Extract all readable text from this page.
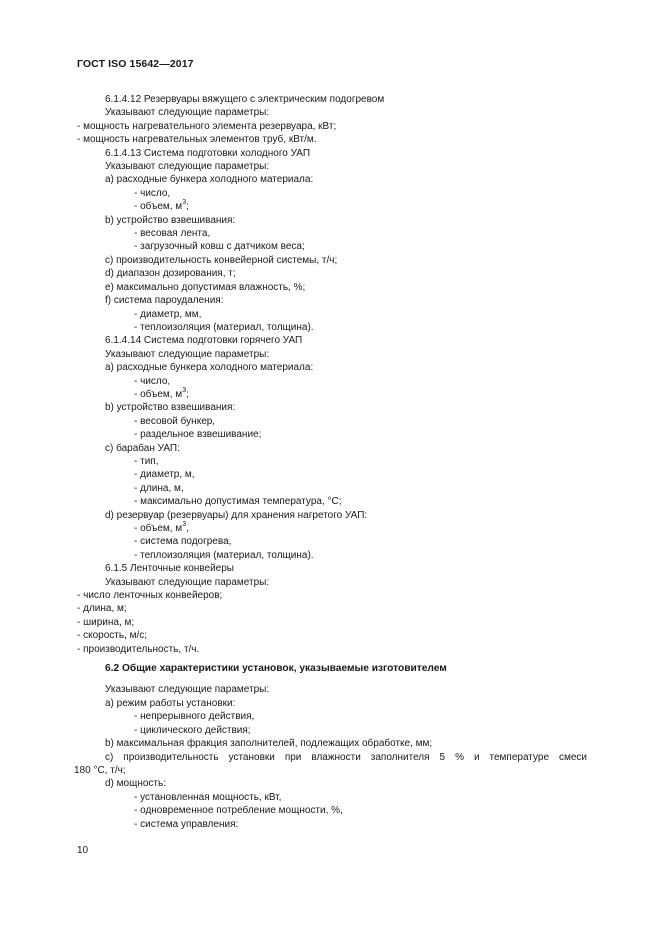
ГОСТ ISO 15642—2017
6.1.4.12 Резервуары вяжущего с электрическим подогревом
Указывают следующие параметры:
- мощность нагревательного элемента резервуара, кВт;
- мощность нагревательных элементов труб, кВт/м.
6.1.4.13 Система подготовки холодного УАП
Указывают следующие параметры:
а) расходные бункера холодного материала:
- число,
- объем, $м^3$;
b) устройство взвешивания:
- весовая лента,
- загрузочный ковш с датчиком веса;
с) производительность конвейерной системы, т/ч;
d) диапазон дозирования, т;
е) максимально допустимая влажность, %;
f) система пароудаления:
- диаметр, мм,
- теплоизоляция (материал, толщина).
6.1.4.14 Система подготовки горячего УАП
Указывают следующие параметры:
а) расходные бункера холодного материала:
- число,
- объем, $м^3$;
b) устройство взвешивания:
- весовой бункер,
- раздельное взвешивание;
с) барабан УАП:
- тип,
- диаметр, м,
- длина, м,
- максимально допустимая температура, °С;
d) резервуар (резервуары) для хранения нагретого УАП:
- объем, $м^3$,
- система подогрева,
- теплоизоляция (материал, толщина).
6.1.5 Ленточные конвейеры
Указывают следующие параметры:
- число ленточных конвейеров;
- длина, м;
- ширина, м;
- скорость, м/с;
- производительность, т/ч.
6.2 Общие характеристики установок, указываемые изготовителем
Указывают следующие параметры:
а) режим работы установки:
- непрерывного действия,
- циклического действия;
b) максимальная фракция заполнителей, подлежащих обработке, мм;
с) производительность установки при влажности заполнителя 5 % и температуре смеси
180 °С, т/ч;
d) мощность:
- установленная мощность, кВт,
- одновременное потребление мощности, %,
- система управления:
10
